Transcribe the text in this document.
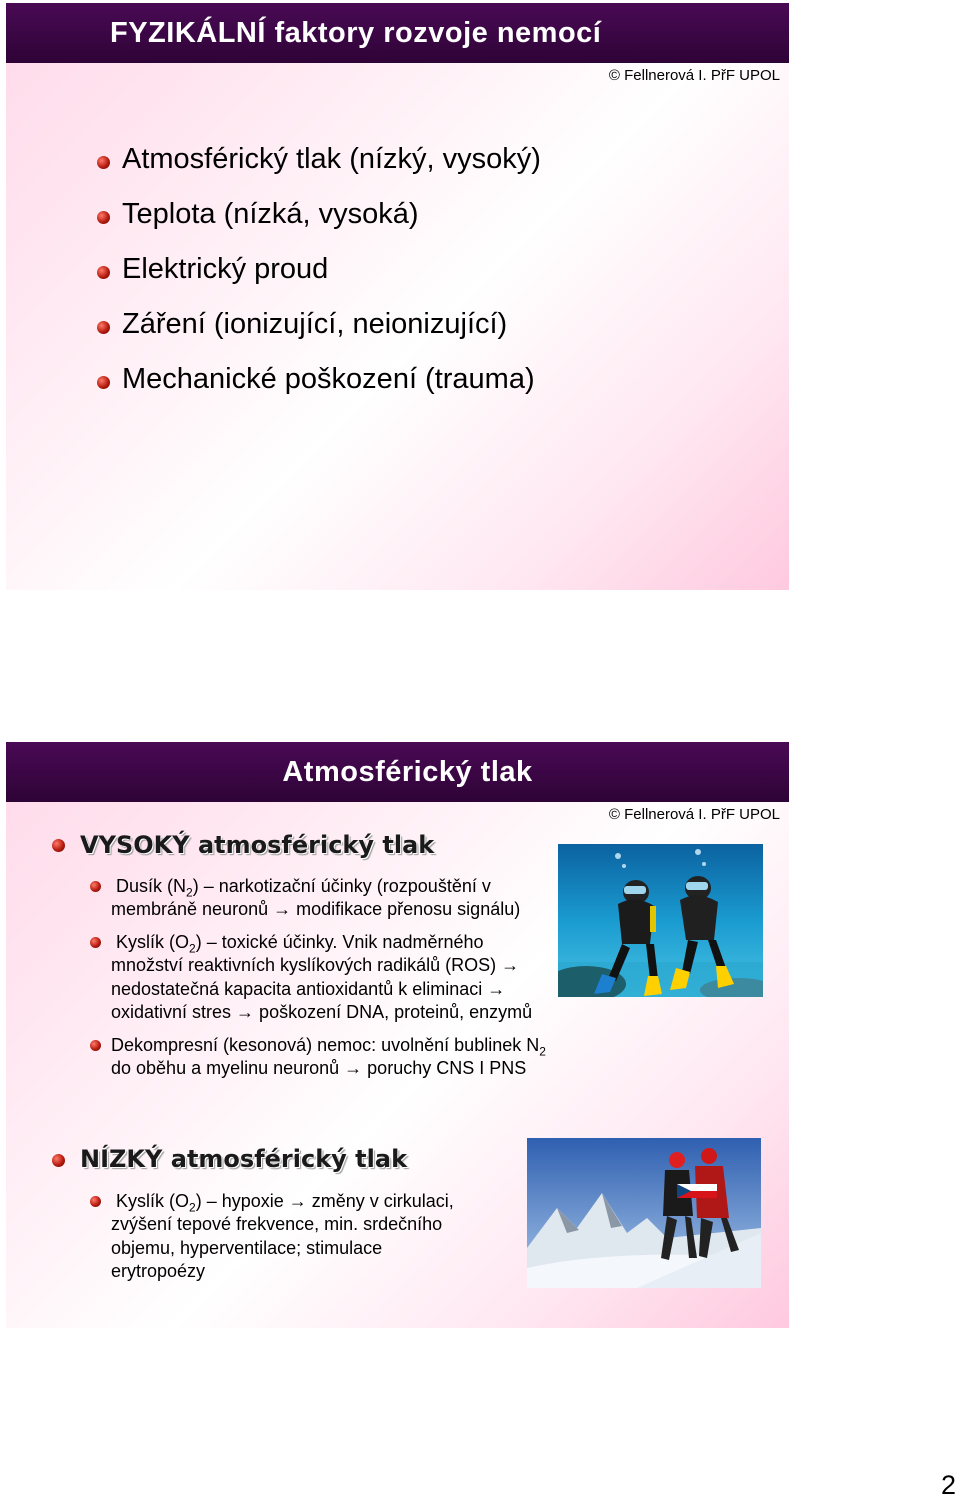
FYZIKÁLNÍ faktory rozvoje nemocí
© Fellnerová I. PřF UPOL
Atmosférický tlak (nízký, vysoký)
Teplota (nízká, vysoká)
Elektrický proud
Záření (ionizující, neionizující)
Mechanické poškození (trauma)
Atmosférický tlak
© Fellnerová I. PřF UPOL
VYSOKÝ atmosférický tlak
Dusík $(N_2)$ – narkotizační účinky (rozpouštění v
membráně neuronů → modifikace přenosu signálu)
Kyslík $(O_2)$ – toxické účinky. Vnik nadměrného
množství reaktivních kyslíkových radikálů (ROS) →
nedostatečná kapacita antioxidantů k eliminaci →
oxidativní stres → poškození DNA, proteinů, enzymů
Dekompresní (kesonová) nemoc: uvolnění bublinek $N_2$
do oběhu a myelinu neuronů → poruchy CNS I PNS
NÍZKÝ atmosférický tlak
Kyslík $(O_2)$ – hypoxie → změny v cirkulaci,
zvýšení tepové frekvence, min. srdečního
objemu, hyperventilace; stimulace
erytropoézy
2
